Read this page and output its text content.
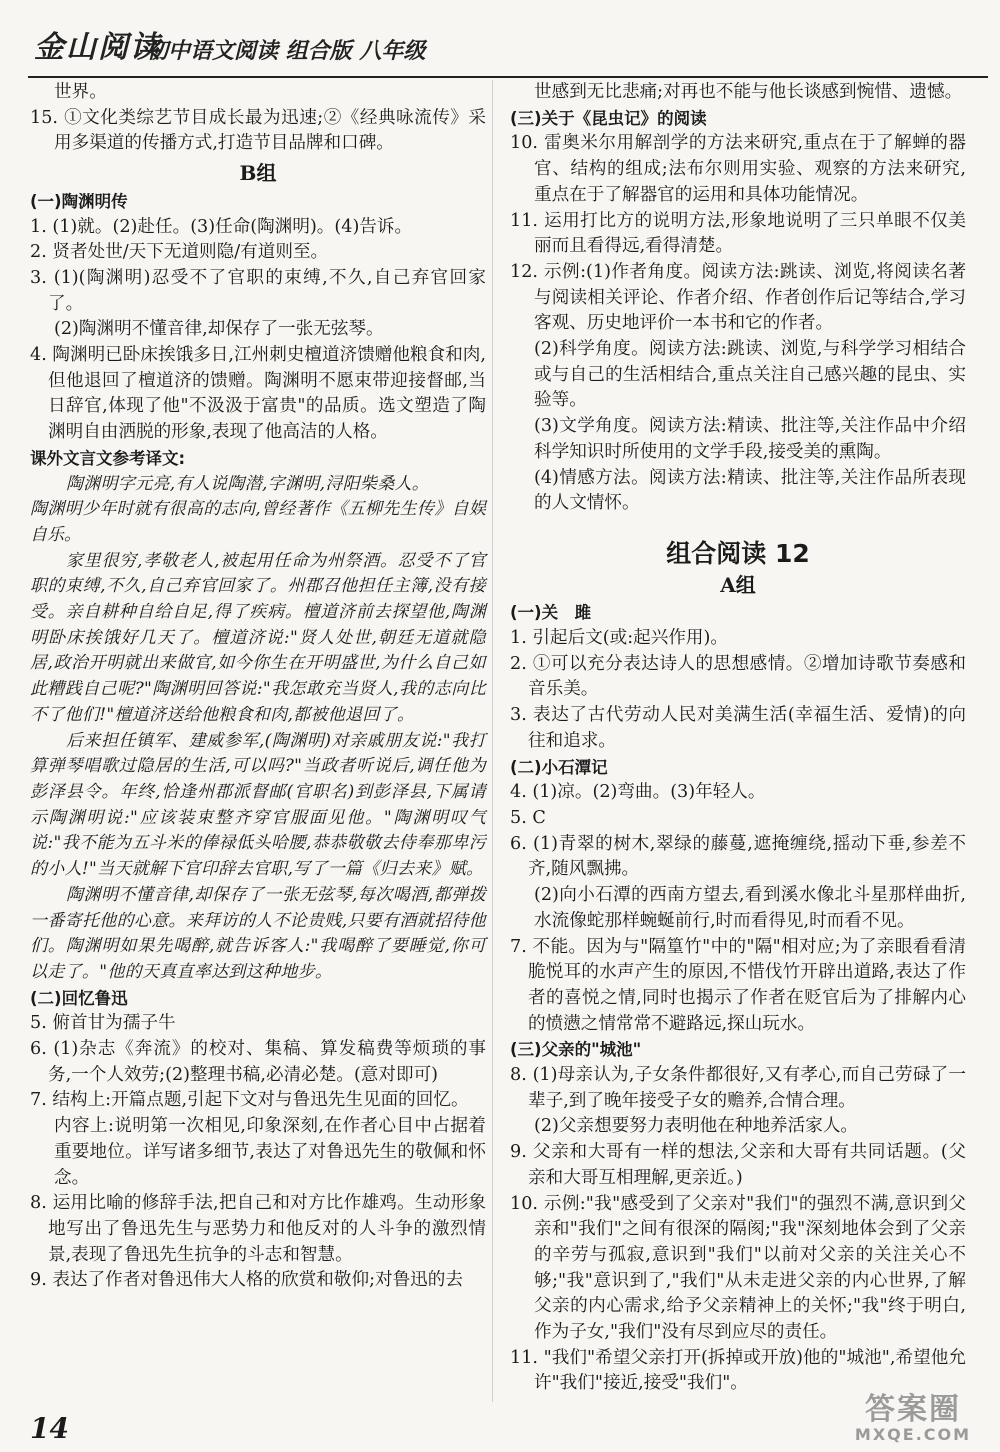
金山阅读
初中语文阅读 组合版 八年级

世界。

15. ①文化类综艺节目成长最为迅速;②《经典咏流传》采用多渠道的传播方式,打造节目品牌和口碑。

B组

(一)陶渊明传

1. (1)就。(2)赴任。(3)任命(陶渊明)。(4)告诉。

2. 贤者处世/天下无道则隐/有道则至。

3. (1)(陶渊明)忍受不了官职的束缚,不久,自己弃官回家了。

(2)陶渊明不懂音律,却保存了一张无弦琴。

4. 陶渊明已卧床挨饿多日,江州刺史檀道济馈赠他粮食和肉,但他退回了檀道济的馈赠。陶渊明不愿束带迎接督邮,当日辞官,体现了他"不汲汲于富贵"的品质。选文塑造了陶渊明自由洒脱的形象,表现了他高洁的人格。

课外文言文参考译文:

陶渊明字元亮,有人说陶潜,字渊明,浔阳柴桑人。

陶渊明少年时就有很高的志向,曾经著作《五柳先生传》自娱自乐。

家里很穷,孝敬老人,被起用任命为州祭酒。忍受不了官职的束缚,不久,自己弃官回家了。州郡召他担任主簿,没有接受。亲自耕种自给自足,得了疾病。檀道济前去探望他,陶渊明卧床挨饿好几天了。檀道济说:"贤人处世,朝廷无道就隐居,政治开明就出来做官,如今你生在开明盛世,为什么自己如此糟践自己呢?"陶渊明回答说:"我怎敢充当贤人,我的志向比不了他们!"檀道济送给他粮食和肉,都被他退回了。

后来担任镇军、建威参军,(陶渊明)对亲戚朋友说:"我打算弹琴唱歌过隐居的生活,可以吗?"当政者听说后,调任他为彭泽县令。年终,恰逢州郡派督邮(官职名)到彭泽县,下属请示陶渊明说:"应该装束整齐穿官服面见他。"陶渊明叹气说:"我不能为五斗米的俸禄低头哈腰,恭恭敬敬去侍奉那卑污的小人!"当天就解下官印辞去官职,写了一篇《归去来》赋。

陶渊明不懂音律,却保存了一张无弦琴,每次喝酒,都弹拨一番寄托他的心意。来拜访的人不论贵贱,只要有酒就招待他们。陶渊明如果先喝醉,就告诉客人:"我喝醉了要睡觉,你可以走了。"他的天真直率达到这种地步。

(二)回忆鲁迅

5. 俯首甘为孺子牛

6. (1)杂志《奔流》的校对、集稿、算发稿费等烦琐的事务,一个人效劳;(2)整理书稿,必清必楚。(意对即可)

7. 结构上:开篇点题,引起下文对与鲁迅先生见面的回忆。

内容上:说明第一次相见,印象深刻,在作者心目中占据着重要地位。详写诸多细节,表达了对鲁迅先生的敬佩和怀念。

8. 运用比喻的修辞手法,把自己和对方比作雄鸡。生动形象地写出了鲁迅先生与恶势力和他反对的人斗争的激烈情景,表现了鲁迅先生抗争的斗志和智慧。

9. 表达了作者对鲁迅伟大人格的欣赏和敬仰;对鲁迅的去

世感到无比悲痛;对再也不能与他长谈感到惋惜、遗憾。

(三)关于《昆虫记》的阅读

10. 雷奥米尔用解剖学的方法来研究,重点在于了解蝉的器官、结构的组成;法布尔则用实验、观察的方法来研究,重点在于了解器官的运用和具体功能情况。

11. 运用打比方的说明方法,形象地说明了三只单眼不仅美丽而且看得远,看得清楚。

12. 示例:(1)作者角度。阅读方法:跳读、浏览,将阅读名著与阅读相关评论、作者介绍、作者创作后记等结合,学习客观、历史地评价一本书和它的作者。

(2)科学角度。阅读方法:跳读、浏览,与科学学习相结合或与自己的生活相结合,重点关注自己感兴趣的昆虫、实验等。

(3)文学角度。阅读方法:精读、批注等,关注作品中介绍科学知识时所使用的文学手段,接受美的熏陶。

(4)情感方法。阅读方法:精读、批注等,关注作品所表现的人文情怀。

组合阅读 12

A组

(一)关　雎

1. 引起后文(或:起兴作用)。

2. ①可以充分表达诗人的思想感情。②增加诗歌节奏感和音乐美。

3. 表达了古代劳动人民对美满生活(幸福生活、爱情)的向往和追求。

(二)小石潭记

4. (1)凉。(2)弯曲。(3)年轻人。

5. C

6. (1)青翠的树木,翠绿的藤蔓,遮掩缠绕,摇动下垂,参差不齐,随风飘拂。

(2)向小石潭的西南方望去,看到溪水像北斗星那样曲折,水流像蛇那样蜿蜒前行,时而看得见,时而看不见。

7. 不能。因为与"隔篁竹"中的"隔"相对应;为了亲眼看看清脆悦耳的水声产生的原因,不惜伐竹开辟出道路,表达了作者的喜悦之情,同时也揭示了作者在贬官后为了排解内心的愤懑之情常常不避路远,探山玩水。

(三)父亲的"城池"

8. (1)母亲认为,子女条件都很好,又有孝心,而自己劳碌了一辈子,到了晚年接受子女的赡养,合情合理。

(2)父亲想要努力表明他在种地养活家人。

9. 父亲和大哥有一样的想法,父亲和大哥有共同话题。(父亲和大哥互相理解,更亲近。)

10. 示例:"我"感受到了父亲对"我们"的强烈不满,意识到父亲和"我们"之间有很深的隔阂;"我"深刻地体会到了父亲的辛劳与孤寂,意识到"我们"以前对父亲的关注关心不够;"我"意识到了,"我们"从未走进父亲的内心世界,了解父亲的内心需求,给予父亲精神上的关怀;"我"终于明白,作为子女,"我们"没有尽到应尽的责任。

11. "我们"希望父亲打开(拆掉或开放)他的"城池",希望他允许"我们"接近,接受"我们"。

14
答案圈
MXQE.COM
